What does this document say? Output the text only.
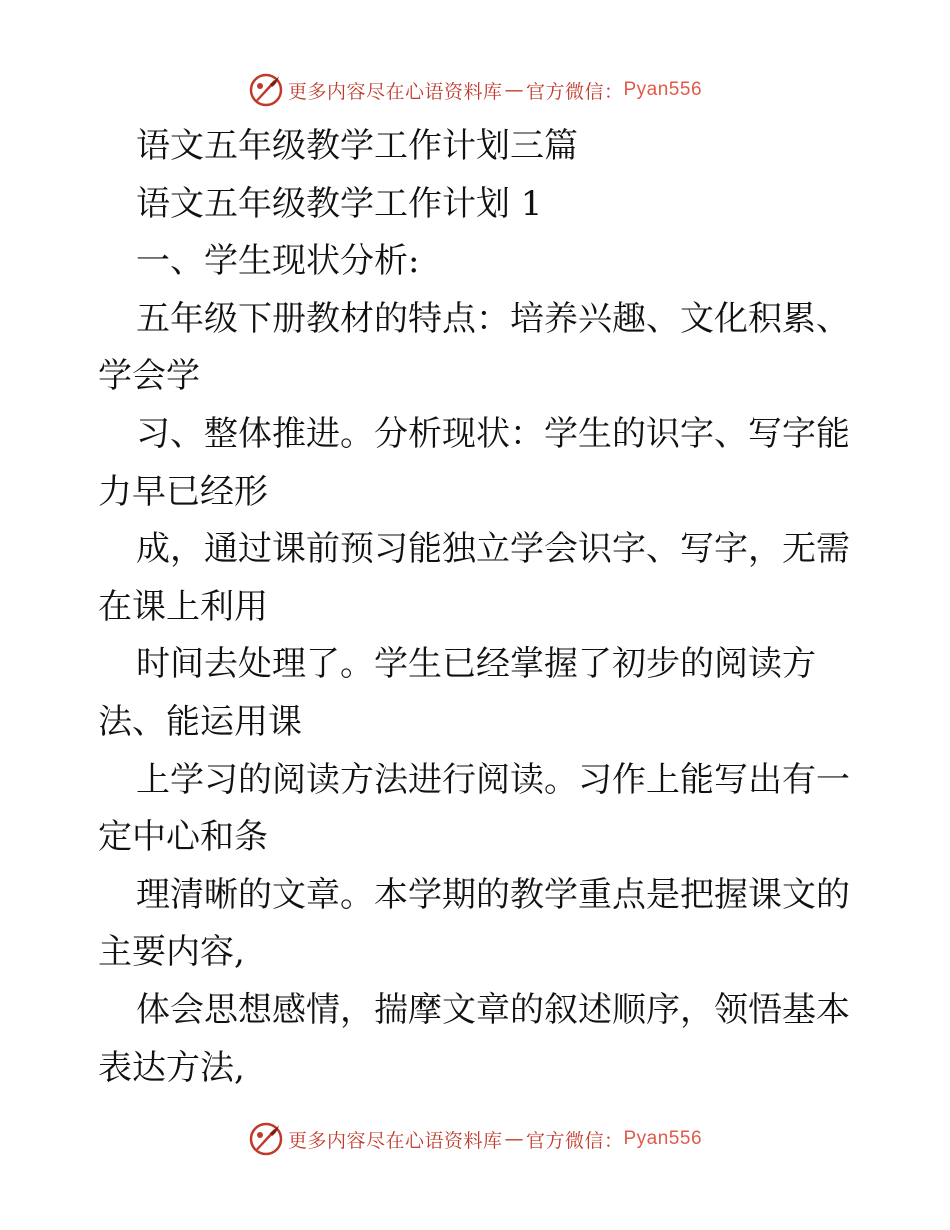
更多内容尽在心语资料库 — 官方微信： Pyan556
语文五年级教学工作计划三篇
语文五年级教学工作计划 1
一、学生现状分析:
五年级下册教材的特点：培养兴趣、文化积累、
学会学
习、整体推进。分析现状：学生的识字、写字能
力早已经形
成，通过课前预习能独立学会识字、写字，无需
在课上利用
时间去处理了。学生已经掌握了初步的阅读方
法、能运用课
上学习的阅读方法进行阅读。习作上能写出有一
定中心和条
理清晰的文章。本学期的教学重点是把握课文的
主要内容,
体会思想感情，揣摩文章的叙述顺序，领悟基本
表达方法,
更多内容尽在心语资料库 — 官方微信： Pyan556
